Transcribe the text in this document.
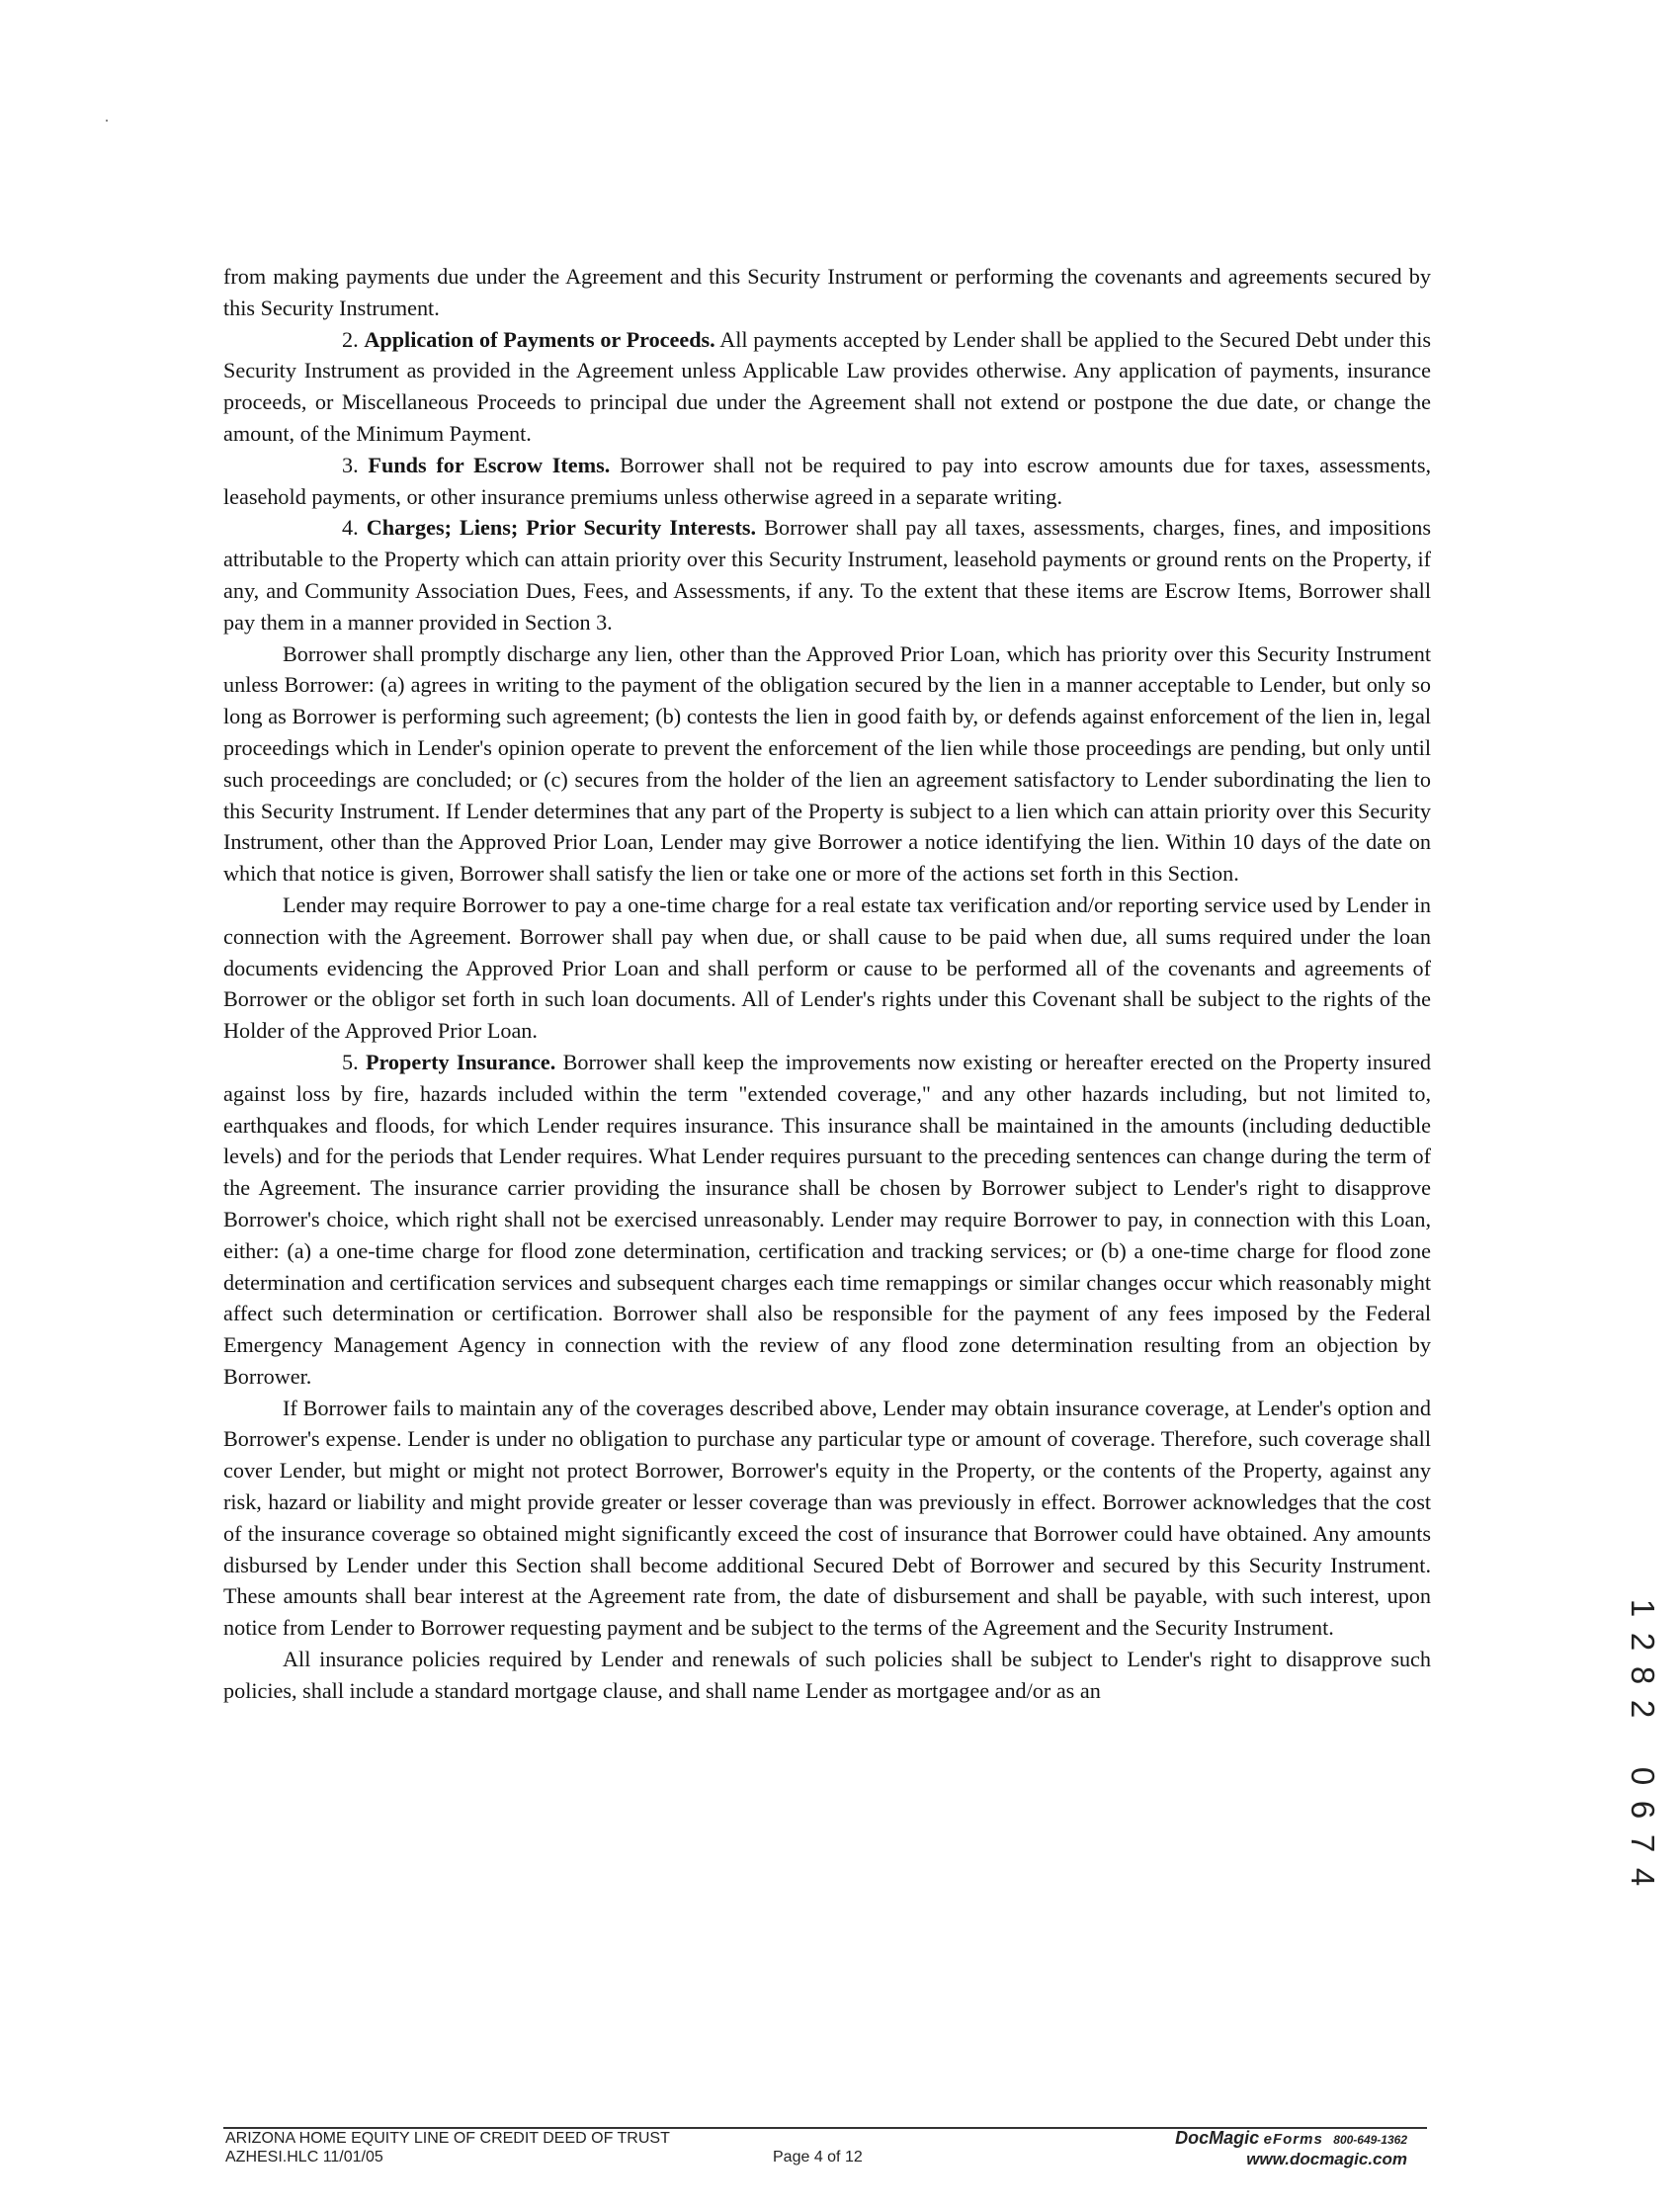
from making payments due under the Agreement and this Security Instrument or performing the covenants and agreements secured by this Security Instrument.

2. Application of Payments or Proceeds. All payments accepted by Lender shall be applied to the Secured Debt under this Security Instrument as provided in the Agreement unless Applicable Law provides otherwise. Any application of payments, insurance proceeds, or Miscellaneous Proceeds to principal due under the Agreement shall not extend or postpone the due date, or change the amount, of the Minimum Payment.

3. Funds for Escrow Items. Borrower shall not be required to pay into escrow amounts due for taxes, assessments, leasehold payments, or other insurance premiums unless otherwise agreed in a separate writing.

4. Charges; Liens; Prior Security Interests. Borrower shall pay all taxes, assessments, charges, fines, and impositions attributable to the Property which can attain priority over this Security Instrument, leasehold payments or ground rents on the Property, if any, and Community Association Dues, Fees, and Assessments, if any. To the extent that these items are Escrow Items, Borrower shall pay them in a manner provided in Section 3.

Borrower shall promptly discharge any lien, other than the Approved Prior Loan, which has priority over this Security Instrument unless Borrower: (a) agrees in writing to the payment of the obligation secured by the lien in a manner acceptable to Lender, but only so long as Borrower is performing such agreement; (b) contests the lien in good faith by, or defends against enforcement of the lien in, legal proceedings which in Lender's opinion operate to prevent the enforcement of the lien while those proceedings are pending, but only until such proceedings are concluded; or (c) secures from the holder of the lien an agreement satisfactory to Lender subordinating the lien to this Security Instrument. If Lender determines that any part of the Property is subject to a lien which can attain priority over this Security Instrument, other than the Approved Prior Loan, Lender may give Borrower a notice identifying the lien. Within 10 days of the date on which that notice is given, Borrower shall satisfy the lien or take one or more of the actions set forth in this Section.

Lender may require Borrower to pay a one-time charge for a real estate tax verification and/or reporting service used by Lender in connection with the Agreement. Borrower shall pay when due, or shall cause to be paid when due, all sums required under the loan documents evidencing the Approved Prior Loan and shall perform or cause to be performed all of the covenants and agreements of Borrower or the obligor set forth in such loan documents. All of Lender's rights under this Covenant shall be subject to the rights of the Holder of the Approved Prior Loan.

5. Property Insurance. Borrower shall keep the improvements now existing or hereafter erected on the Property insured against loss by fire, hazards included within the term "extended coverage," and any other hazards including, but not limited to, earthquakes and floods, for which Lender requires insurance. This insurance shall be maintained in the amounts (including deductible levels) and for the periods that Lender requires. What Lender requires pursuant to the preceding sentences can change during the term of the Agreement. The insurance carrier providing the insurance shall be chosen by Borrower subject to Lender's right to disapprove Borrower's choice, which right shall not be exercised unreasonably. Lender may require Borrower to pay, in connection with this Loan, either: (a) a one-time charge for flood zone determination, certification and tracking services; or (b) a one-time charge for flood zone determination and certification services and subsequent charges each time remappings or similar changes occur which reasonably might affect such determination or certification. Borrower shall also be responsible for the payment of any fees imposed by the Federal Emergency Management Agency in connection with the review of any flood zone determination resulting from an objection by Borrower.

If Borrower fails to maintain any of the coverages described above, Lender may obtain insurance coverage, at Lender's option and Borrower's expense. Lender is under no obligation to purchase any particular type or amount of coverage. Therefore, such coverage shall cover Lender, but might or might not protect Borrower, Borrower's equity in the Property, or the contents of the Property, against any risk, hazard or liability and might provide greater or lesser coverage than was previously in effect. Borrower acknowledges that the cost of the insurance coverage so obtained might significantly exceed the cost of insurance that Borrower could have obtained. Any amounts disbursed by Lender under this Section shall become additional Secured Debt of Borrower and secured by this Security Instrument. These amounts shall bear interest at the Agreement rate from, the date of disbursement and shall be payable, with such interest, upon notice from Lender to Borrower requesting payment and be subject to the terms of the Agreement and the Security Instrument.

All insurance policies required by Lender and renewals of such policies shall be subject to Lender's right to disapprove such policies, shall include a standard mortgage clause, and shall name Lender as mortgagee and/or as an

1
2
8
2
0
6
7
4
ARIZONA HOME EQUITY LINE OF CREDIT DEED OF TRUST
AZHESI.HLC 11/01/05	Page 4 of 12
DocMagic eForms 800-649-1362
www.docmagic.com
